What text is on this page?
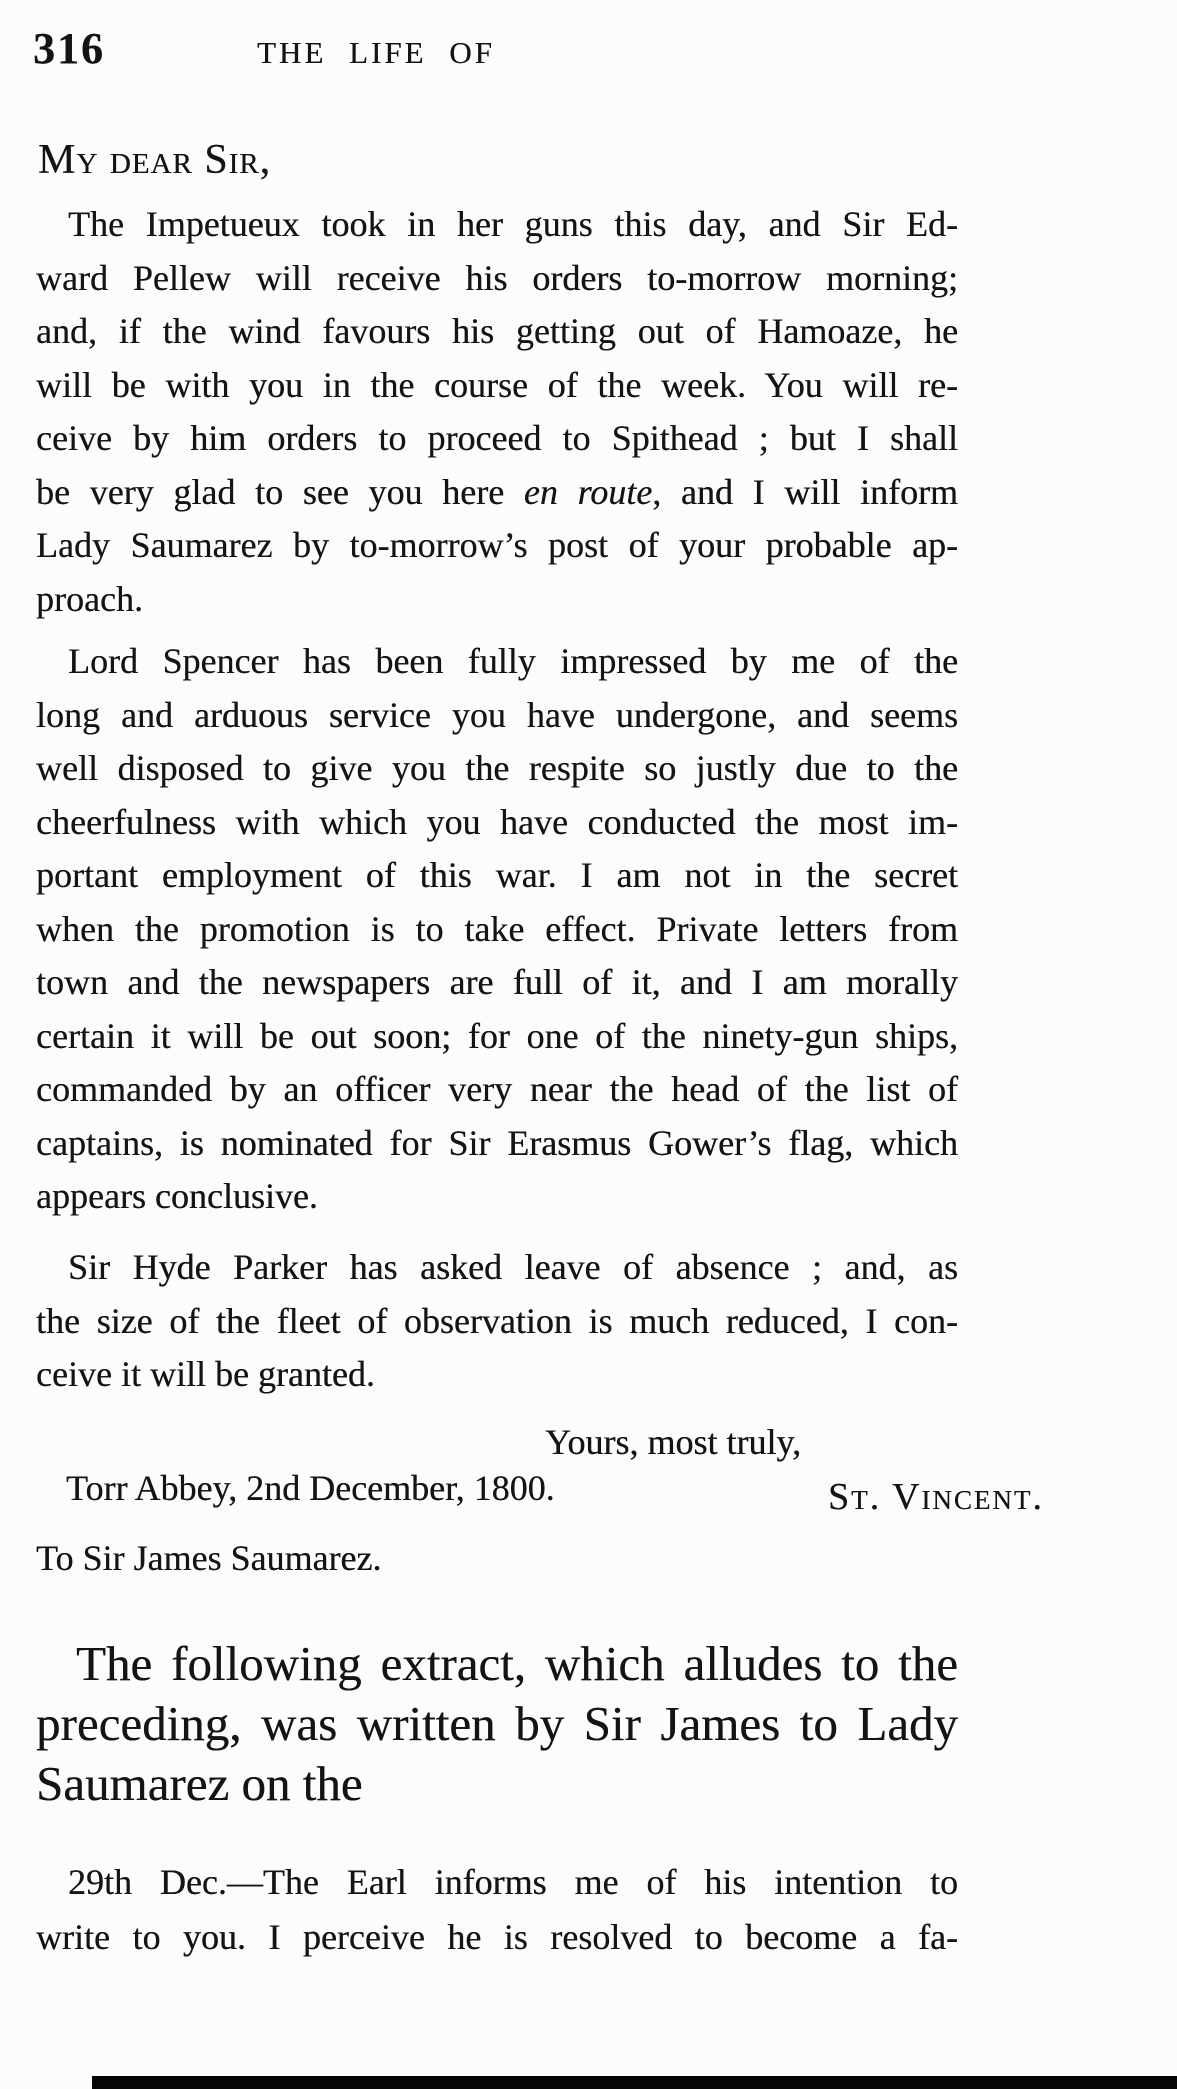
316	THE LIFE OF
My dear Sir,
The Impetueux took in her guns this day, and Sir Ed-
ward Pellew will receive his orders to-morrow morning;
and, if the wind favours his getting out of Hamoaze, he
will be with you in the course of the week. You will re-
ceive by him orders to proceed to Spithead ; but I shall
be very glad to see you here en route, and I will inform
Lady Saumarez by to-morrow’s post of your probable ap-
proach.
Lord Spencer has been fully impressed by me of the
long and arduous service you have undergone, and seems
well disposed to give you the respite so justly due to the
cheerfulness with which you have conducted the most im-
portant employment of this war. I am not in the secret
when the promotion is to take effect. Private letters from
town and the newspapers are full of it, and I am morally
certain it will be out soon; for one of the ninety-gun ships,
commanded by an officer very near the head of the list of
captains, is nominated for Sir Erasmus Gower’s flag, which
appears conclusive.
Sir Hyde Parker has asked leave of absence ; and, as
the size of the fleet of observation is much reduced, I con-
ceive it will be granted.
Yours, most truly,
Torr Abbey, 2nd December, 1800.	St. Vincent.
To Sir James Saumarez.
The following extract, which alludes to the
preceding, was written by Sir James to Lady
Saumarez on the
29th Dec.—The Earl informs me of his intention to
write to you. I perceive he is resolved to become a fa-
